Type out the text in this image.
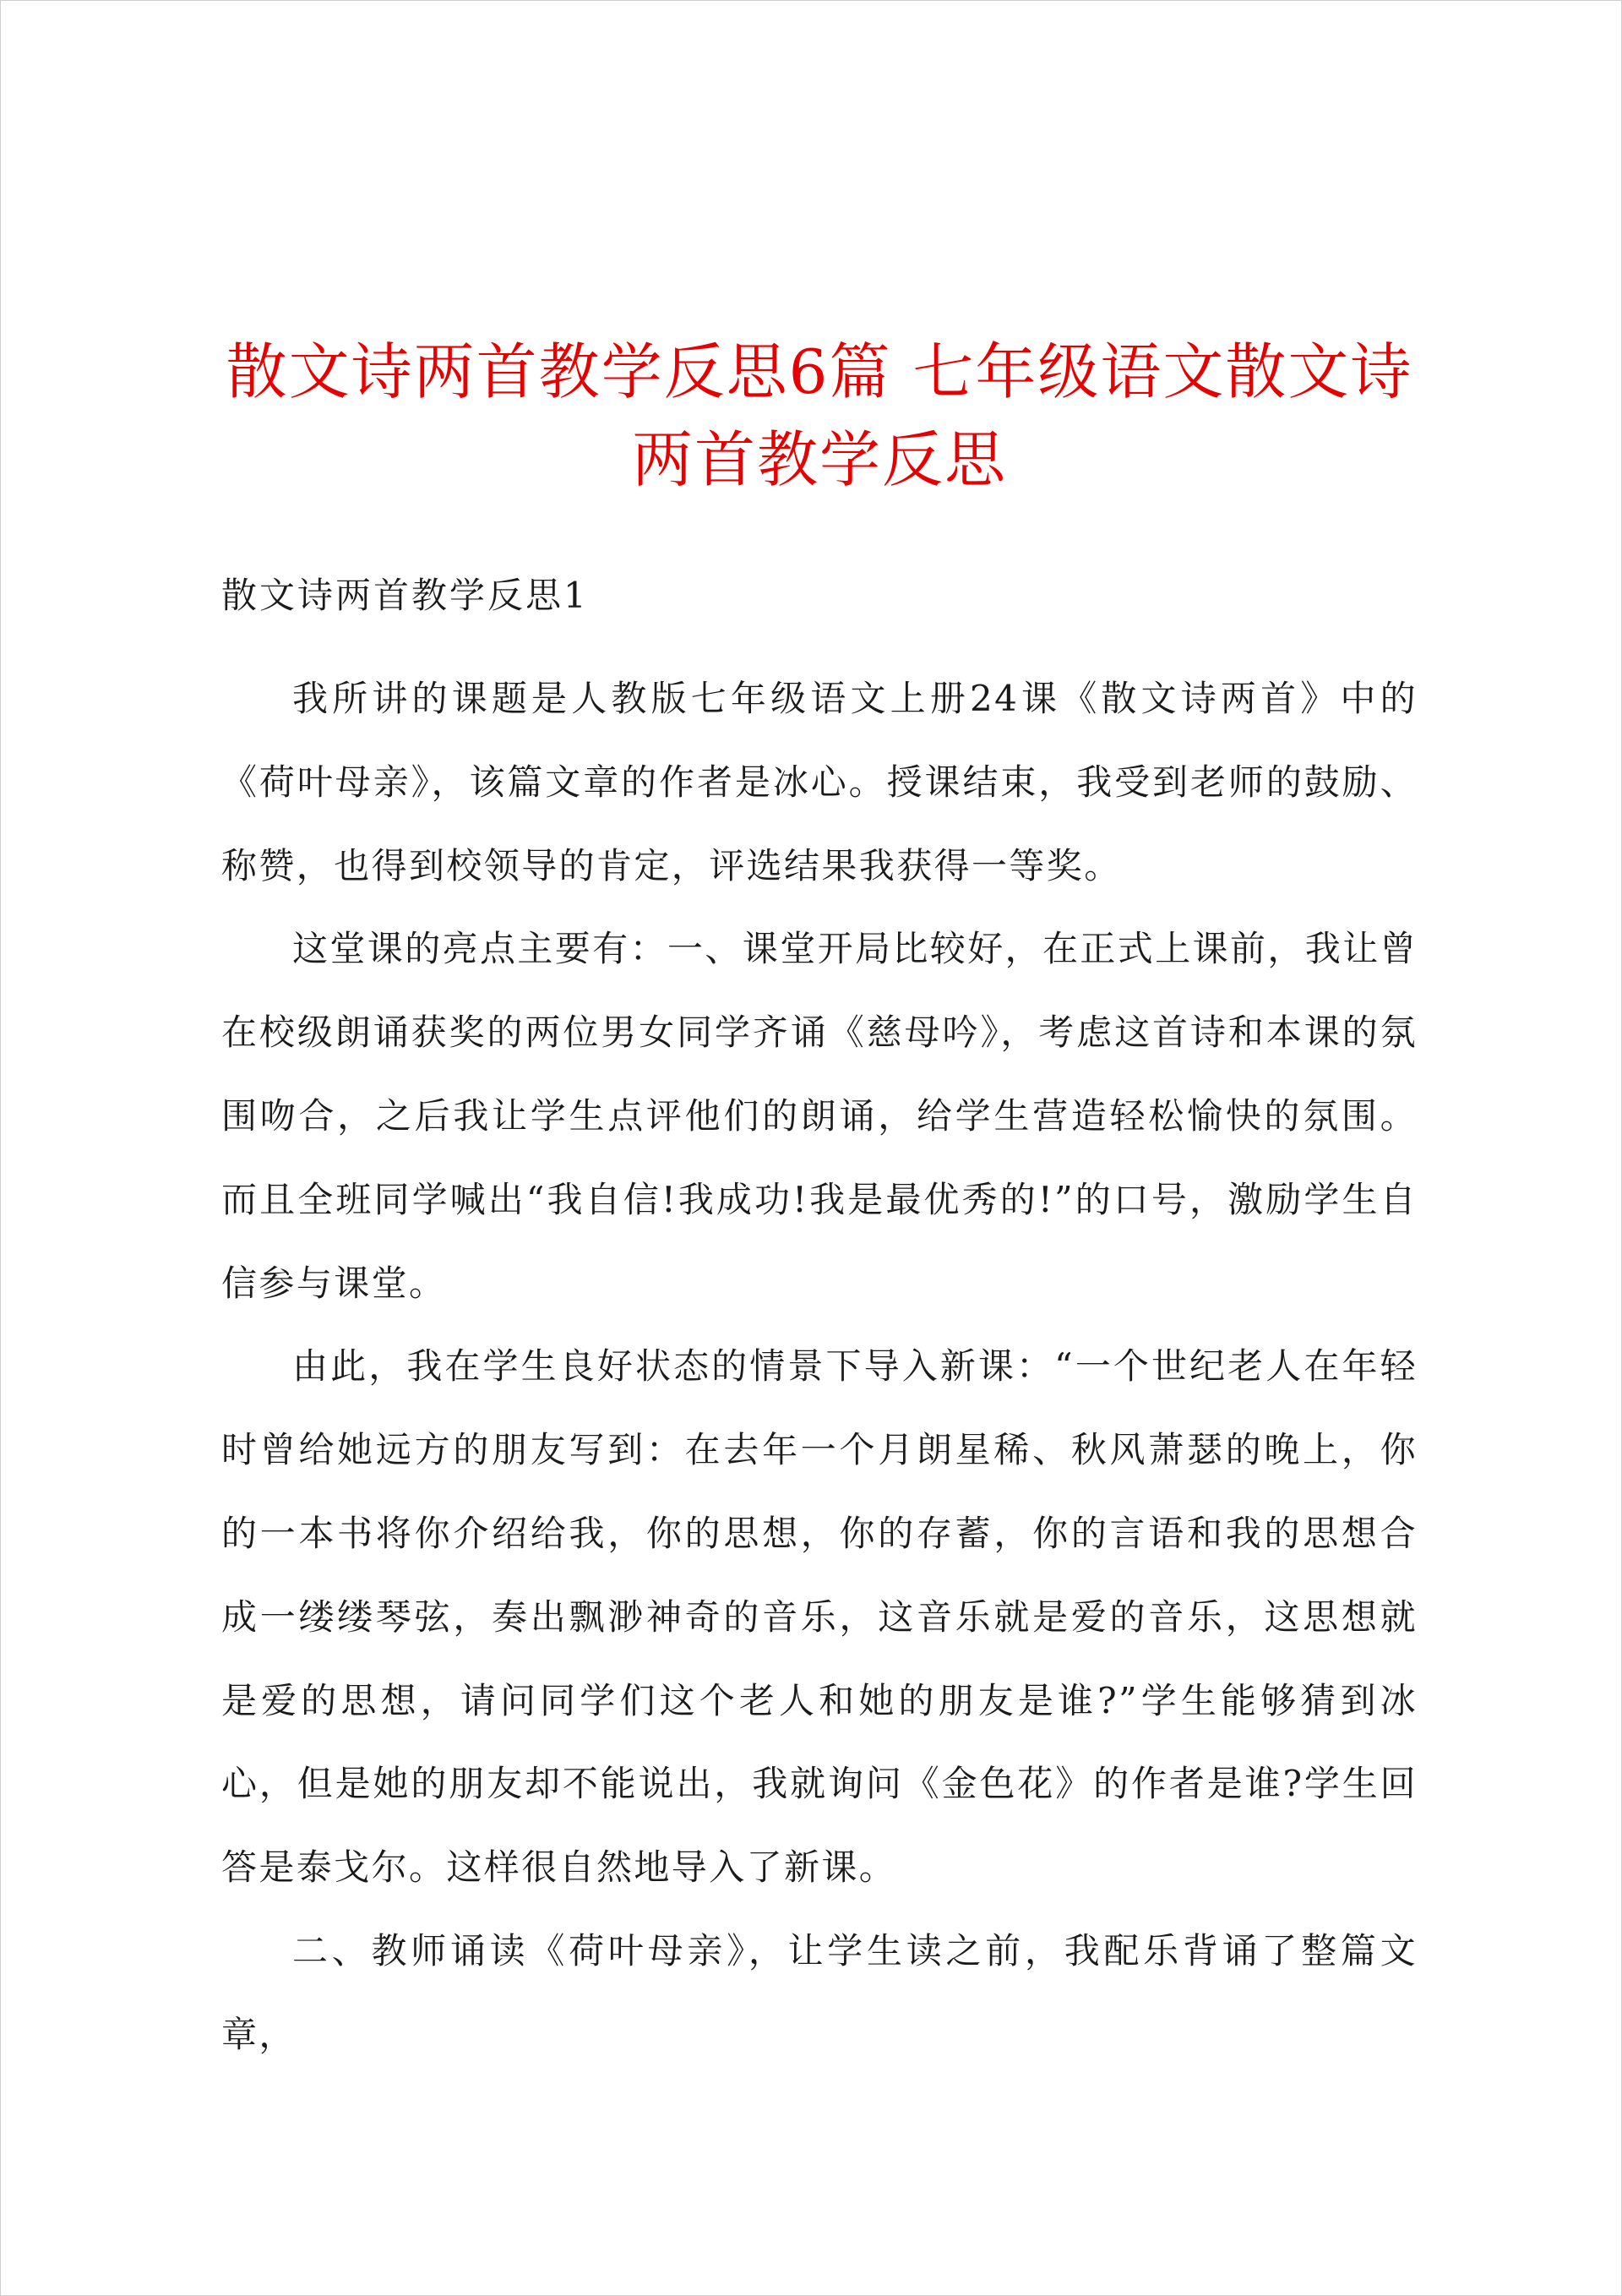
散文诗两首教学反思6篇 七年级语文散文诗
两首教学反思

散文诗两首教学反思1

我所讲的课题是人教版七年级语文上册24课《散文诗两首》中的《荷叶母亲》，该篇文章的作者是冰心。授课结束，我受到老师的鼓励、称赞，也得到校领导的肯定，评选结果我获得一等奖。

这堂课的亮点主要有：一、课堂开局比较好，在正式上课前，我让曾在校级朗诵获奖的两位男女同学齐诵《慈母吟》，考虑这首诗和本课的氛围吻合，之后我让学生点评他们的朗诵，给学生营造轻松愉快的氛围。而且全班同学喊出“我自信!我成功!我是最优秀的!”的口号，激励学生自信参与课堂。

由此，我在学生良好状态的情景下导入新课：“一个世纪老人在年轻时曾给她远方的朋友写到：在去年一个月朗星稀、秋风萧瑟的晚上，你的一本书将你介绍给我，你的思想，你的存蓄，你的言语和我的思想合成一缕缕琴弦，奏出飘渺神奇的音乐，这音乐就是爱的音乐，这思想就是爱的思想，请问同学们这个老人和她的朋友是谁?”学生能够猜到冰心，但是她的朋友却不能说出，我就询问《金色花》的作者是谁?学生回答是泰戈尔。这样很自然地导入了新课。

二、教师诵读《荷叶母亲》，让学生读之前，我配乐背诵了整篇文章，
